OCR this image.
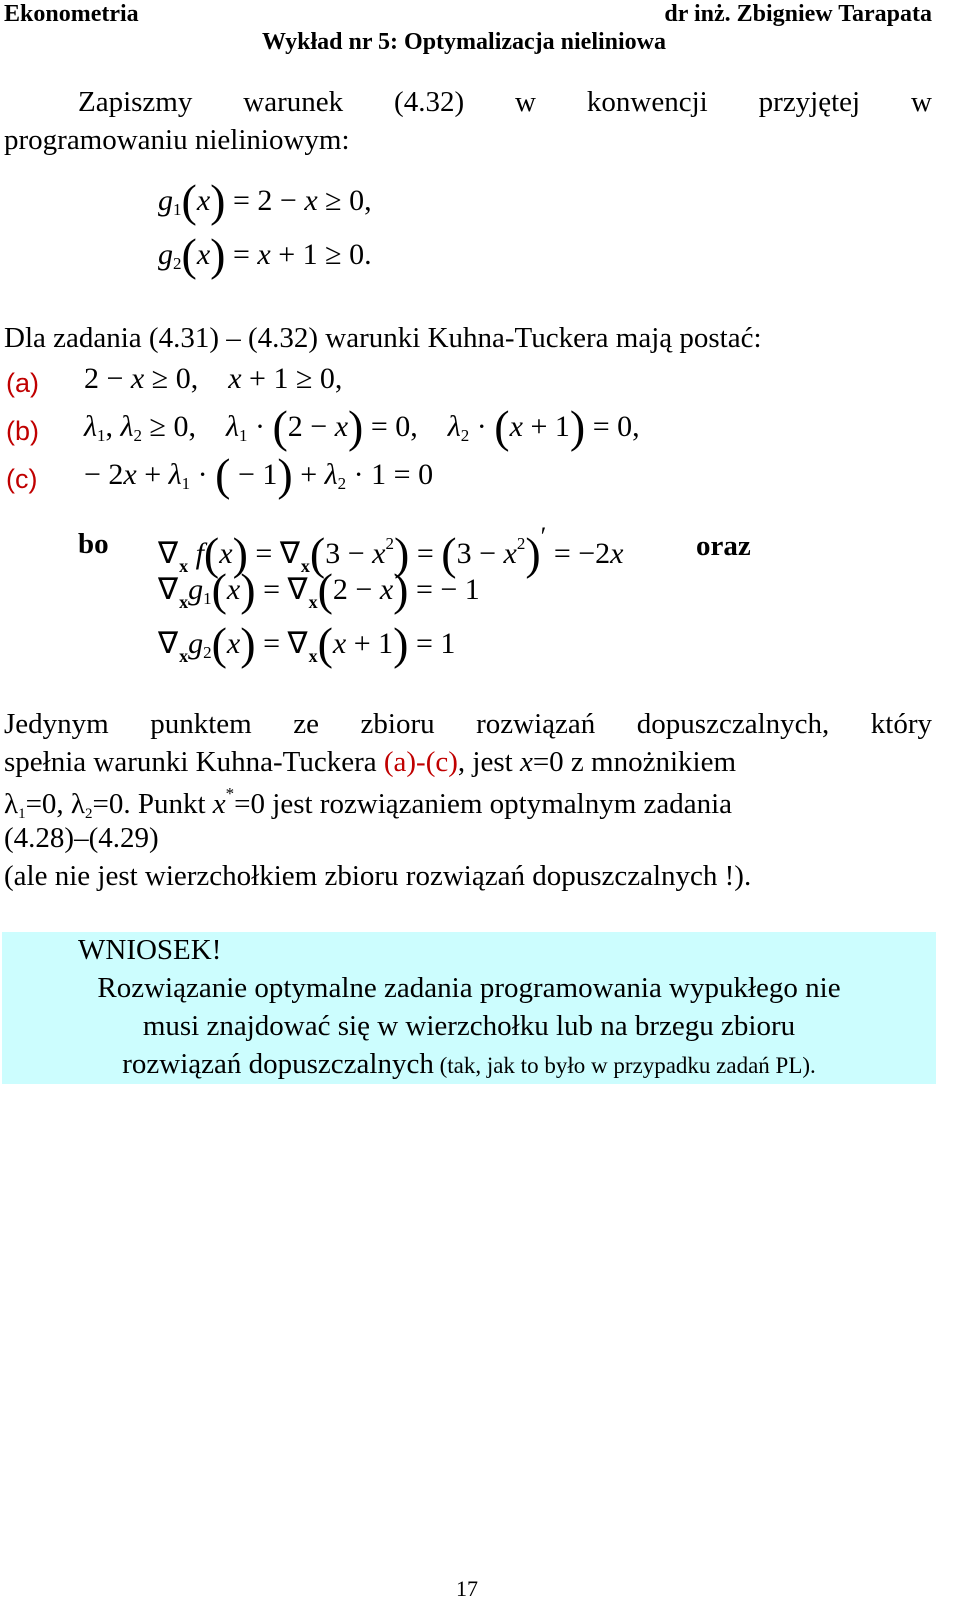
Ekonometria	dr inż. Zbigniew Tarapata
Wykład nr 5: Optymalizacja nieliniowa
Zapiszmy warunek (4.32) w konwencji przyjętej w
programowaniu nieliniowym:
$g_1(x) = 2 - x \ge 0$,
$g_2(x) = x + 1 \ge 0$.
Dla zadania (4.31) – (4.32) warunki Kuhna-Tuckera mają postać:
(a) 2 − x ≥ 0,    x + 1 ≥ 0,
(b) $\lambda_1$, $\lambda_2 \ge 0$,    $\lambda_1 \cdot (2 - x) = 0$,    $\lambda_2 \cdot (x + 1) = 0$,
$(c) - 2x + \lambda_1$ · ( − $1) + \lambda_2 \cdot 1 = 0$
bo $\nabla_x$ $f(x) = \nabla_x(3 - x^2) = (3 - x^2)' = -2x$	oraz
$\nabla_xg_1(x) = \nabla_x(2 - x)$ = − 1
$\nabla_xg_2(x) = \nabla_x(x + 1) = 1$
Jedynym punktem ze zbioru rozwiązań dopuszczalnych, który
spełnia warunki Kuhna-Tuckera (a)-(c), jest x=0 z mnożnikiem
$\lambda_1=0$, $\lambda_2=0$. Punkt x*=0 jest rozwiązaniem optymalnym zadania
(4.28)–(4.29)
(ale nie jest wierzchołkiem zbioru rozwiązań dopuszczalnych !).
WNIOSEK!
Rozwiązanie optymalne zadania programowania wypukłego nie
musi znajdować się w wierzchołku lub na brzegu zbioru
rozwiązań dopuszczalnych (tak, jak to było w przypadku zadań PL).
17
